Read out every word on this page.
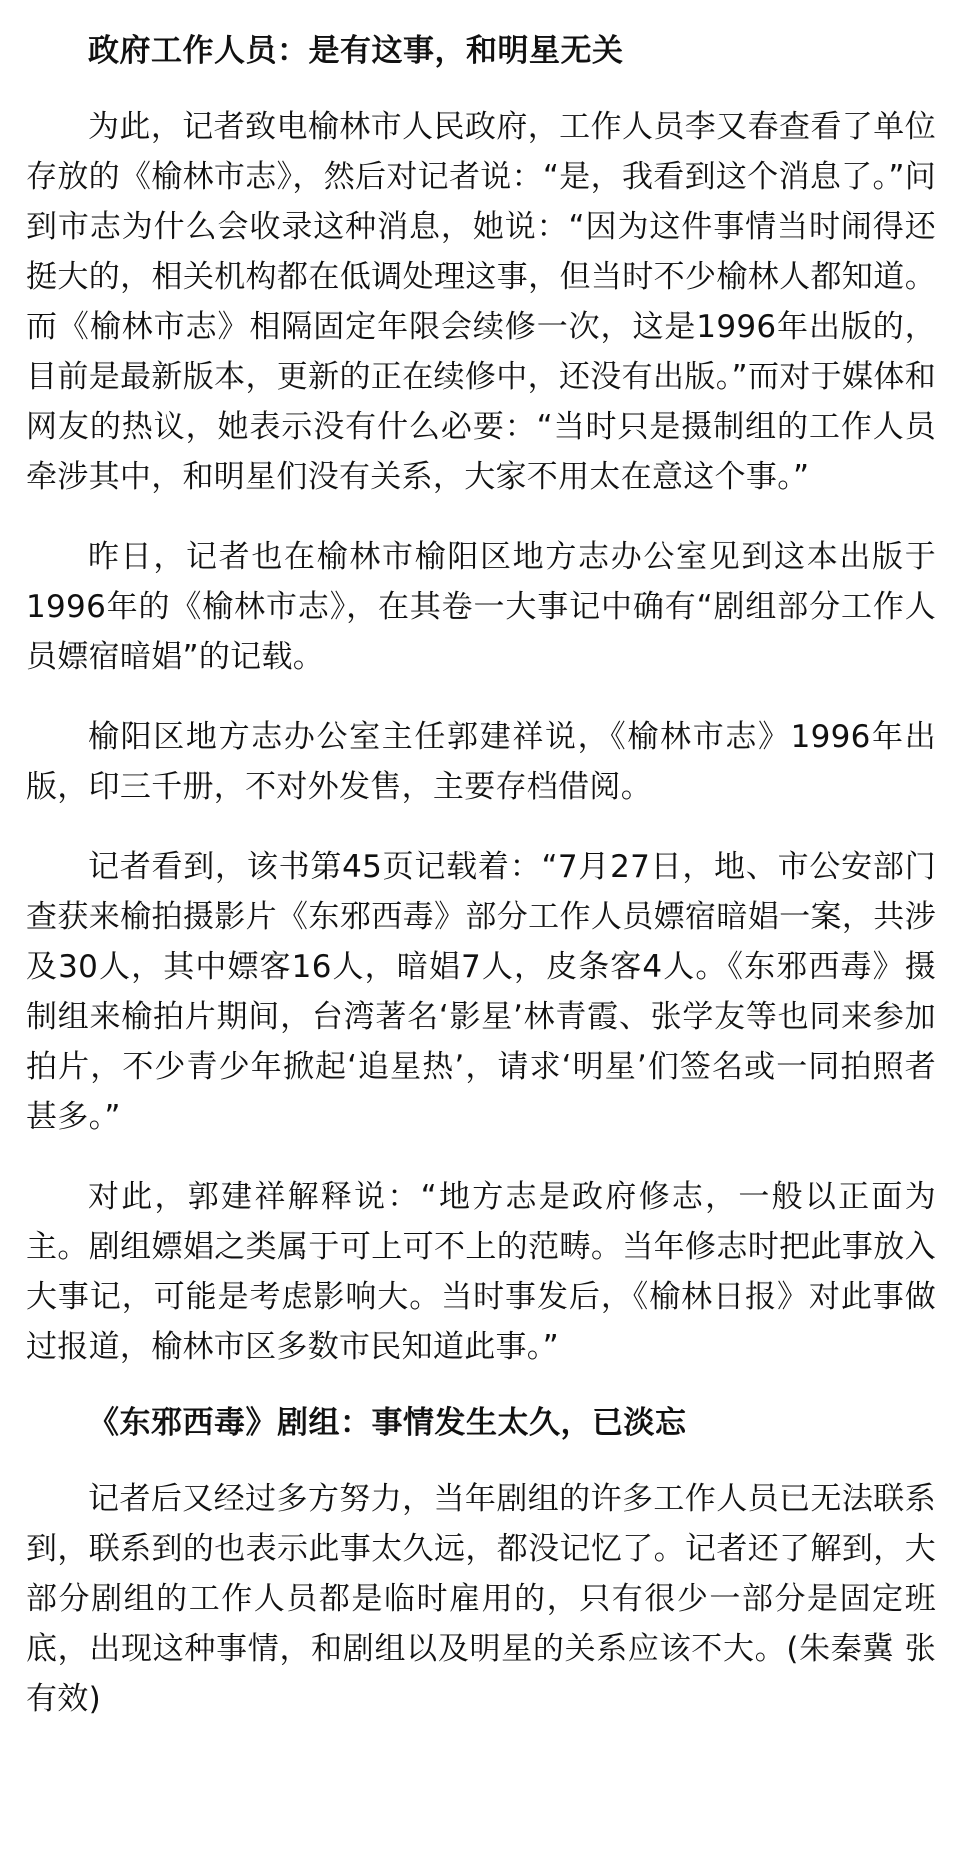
政府工作人员：是有这事，和明星无关

为此，记者致电榆林市人民政府，工作人员李又春查看了单位存放的《榆林市志》，然后对记者说：“是，我看到这个消息了。”问到市志为什么会收录这种消息，她说：“因为这件事情当时闹得还挺大的，相关机构都在低调处理这事，但当时不少榆林人都知道。而《榆林市志》相隔固定年限会续修一次，这是1996年出版的，目前是最新版本，更新的正在续修中，还没有出版。”而对于媒体和网友的热议，她表示没有什么必要：“当时只是摄制组的工作人员牵涉其中，和明星们没有关系，大家不用太在意这个事。”

昨日，记者也在榆林市榆阳区地方志办公室见到这本出版于1996年的《榆林市志》，在其卷一大事记中确有“剧组部分工作人员嫖宿暗娼”的记载。

榆阳区地方志办公室主任郭建祥说，《榆林市志》1996年出版，印三千册，不对外发售，主要存档借阅。

记者看到，该书第45页记载着：“7月27日，地、市公安部门查获来榆拍摄影片《东邪西毒》部分工作人员嫖宿暗娼一案，共涉及30人，其中嫖客16人，暗娼7人，皮条客4人。《东邪西毒》摄制组来榆拍片期间，台湾著名‘影星’林青霞、张学友等也同来参加拍片，不少青少年掀起‘追星热’，请求‘明星’们签名或一同拍照者甚多。”

对此，郭建祥解释说：“地方志是政府修志，一般以正面为主。剧组嫖娼之类属于可上可不上的范畴。当年修志时把此事放入大事记，可能是考虑影响大。当时事发后，《榆林日报》对此事做过报道，榆林市区多数市民知道此事。”

《东邪西毒》剧组：事情发生太久，已淡忘

记者后又经过多方努力，当年剧组的许多工作人员已无法联系到，联系到的也表示此事太久远，都没记忆了。记者还了解到，大部分剧组的工作人员都是临时雇用的，只有很少一部分是固定班底，出现这种事情，和剧组以及明星的关系应该不大。(朱秦冀 张有效)
